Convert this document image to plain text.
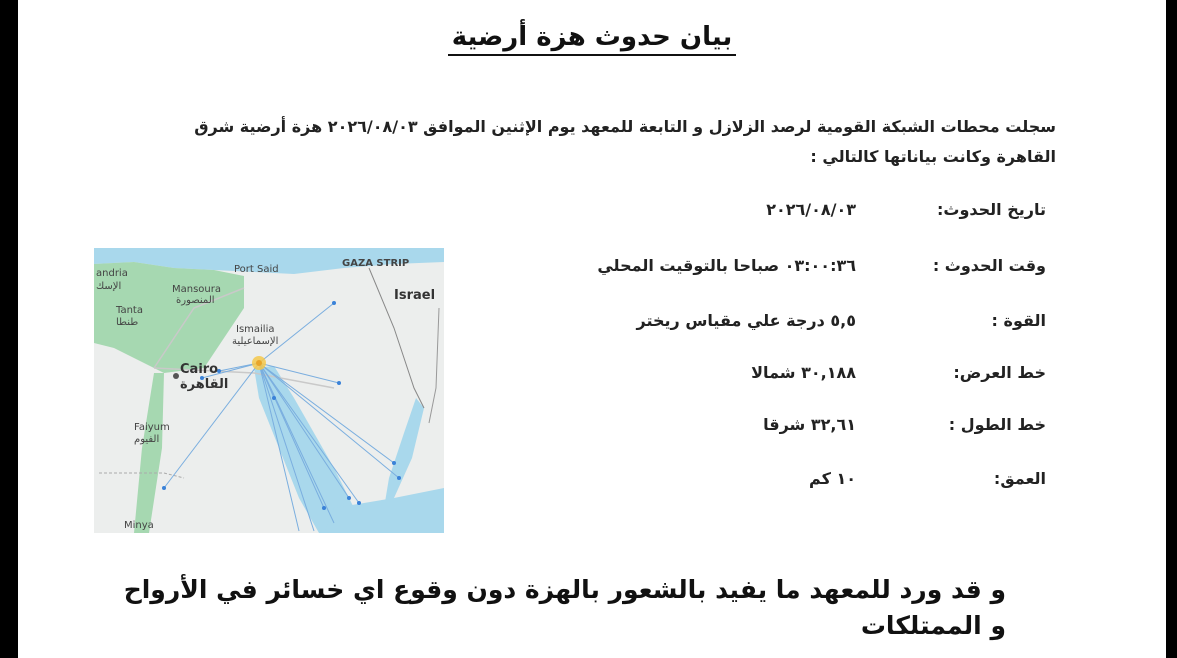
بيان حدوث هزة أرضية
سجلت محطات الشبكة القومية لرصد الزلازل و التابعة للمعهد يوم الإثنين الموافق ٢٠٢٦/٠٨/٠٣ هزة أرضية شرق القاهرة وكانت بياناتها كالتالي :
تاريخ الحدوث:
٢٠٢٦/٠٨/٠٣
وقت الحدوث :
٠٣:٠٠:٣٦ صباحا بالتوقيت المحلي
القوة :
٥,٥ درجة علي مقياس ريختر
خط العرض:
٣٠,١٨٨ شمالا
خط الطول :
٣٢,٦١ شرقا
العمق:
١٠ كم
andria
الإسك	Mansoura
المنصورة
Tanta
طنطا
Ismailia
الإسماعيلية
Cairo
القاهرة
Faiyum
الفيوم
GAZA STRIP
Israel
Port Said
Minya
و قد ورد للمعهد ما يفيد بالشعور بالهزة دون وقوع اي خسائر في الأرواح و الممتلكات
